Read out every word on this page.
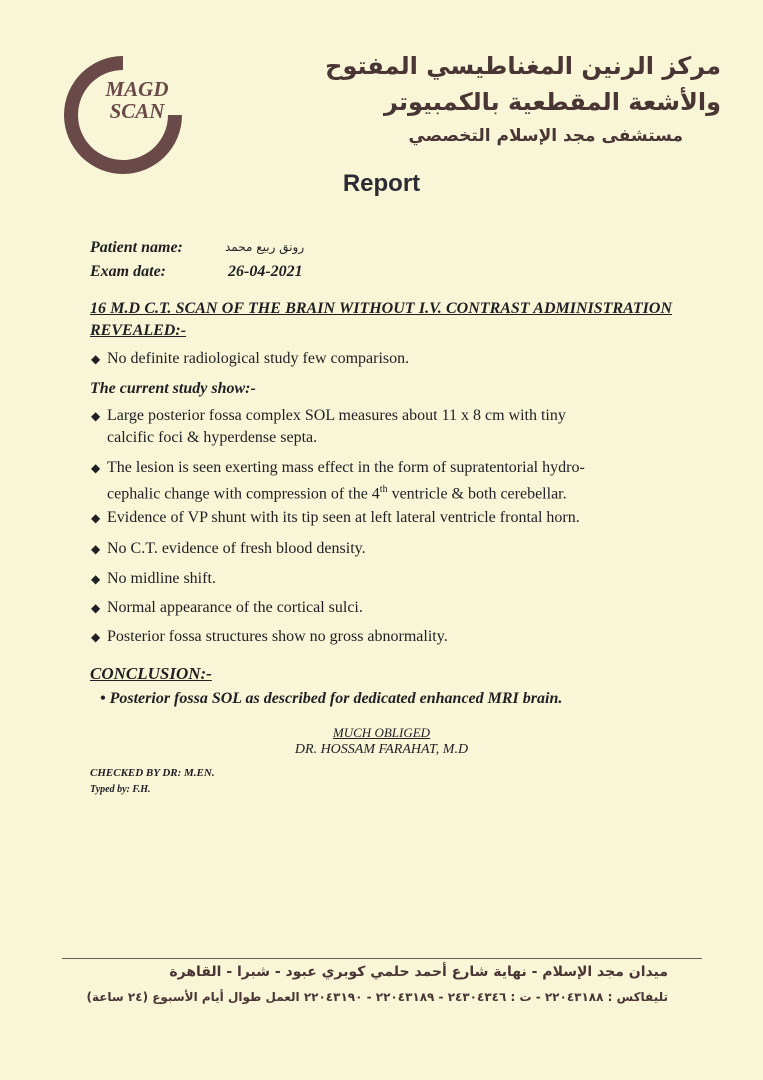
MAGD
SCAN
مركز الرنين المغناطيسي المفتوح
والأشعة المقطعية بالكمبيوتر
مستشفى مجد الإسلام التخصصي
Report
Patient name:	رونق ربيع محمد
Exam date:	26-04-2021
16 M.D C.T. SCAN OF THE BRAIN WITHOUT I.V. CONTRAST ADMINISTRATION REVEALED:-
◆ No definite radiological study few comparison.
The current study show:-
◆ Large posterior fossa complex SOL measures about 11 x 8 cm with tiny
calcific foci & hyperdense septa.
◆ The lesion is seen exerting mass effect in the form of supratentorial hydro-
cephalic change with compression of the 4th ventricle & both cerebellar.
◆ Evidence of VP shunt with its tip seen at left lateral ventricle frontal horn.
◆ No C.T. evidence of fresh blood density.
◆ No midline shift.
◆ Normal appearance of the cortical sulci.
◆ Posterior fossa structures show no gross abnormality.
CONCLUSION:-
• Posterior fossa SOL as described for dedicated enhanced MRI brain.
MUCH OBLIGED
DR. HOSSAM FARAHAT, M.D
CHECKED BY DR: M.EN.
Typed by: F.H.
ميدان مجد الإسلام - نهاية شارع أحمد حلمي كوبري عبود - شبرا - القاهرة
تليفاكس : ٢٢٠٤٣١٨٨ - ت : ٢٤٣٠٤٣٤٦ - ٢٢٠٤٣١٨٩ - ٢٢٠٤٣١٩٠ العمل طوال أيام الأسبوع (٢٤ ساعة)
